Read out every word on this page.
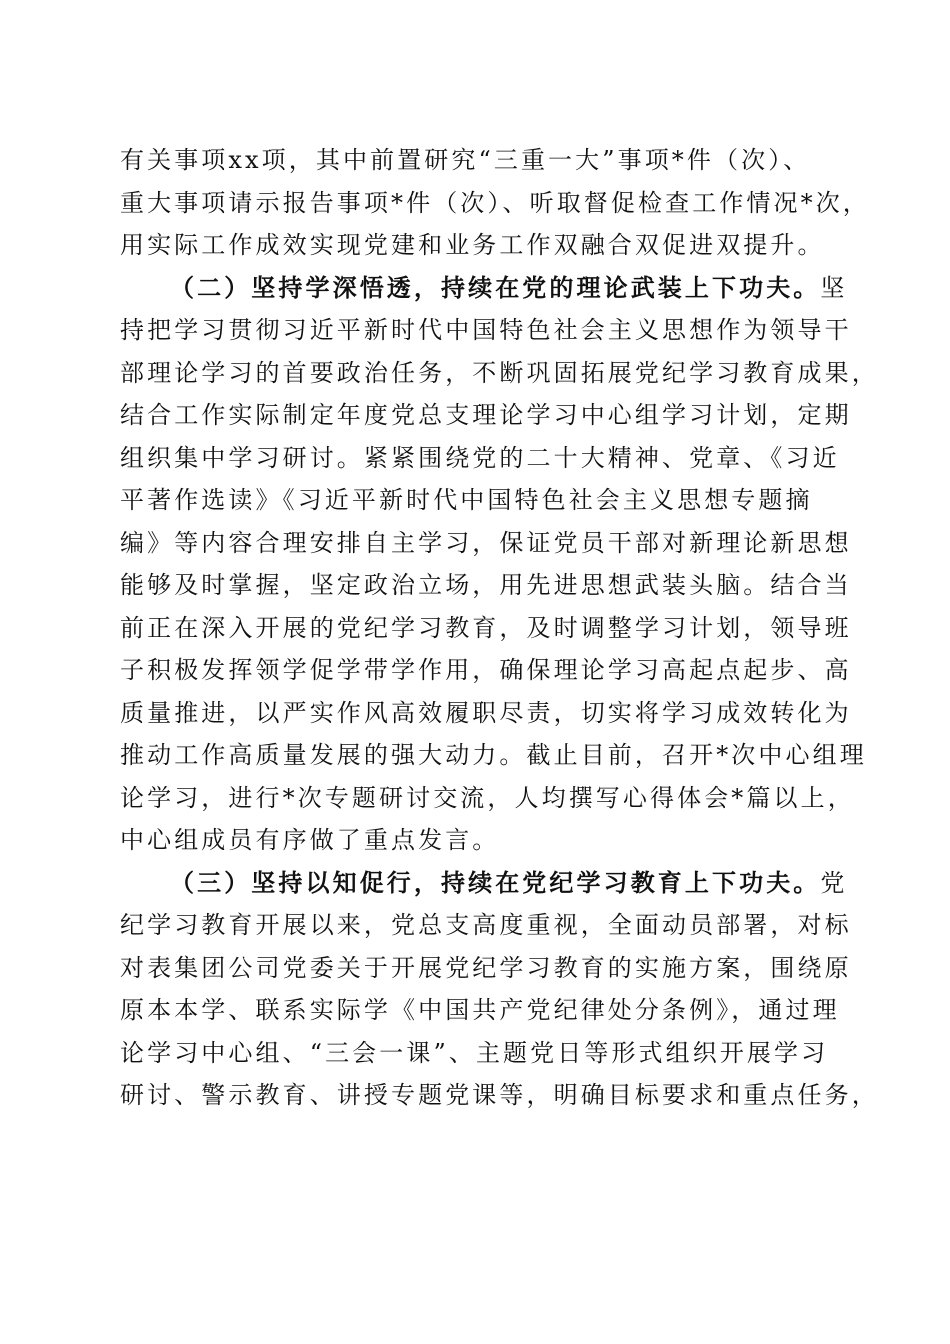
有关事项xx项，其中前置研究“三重一大”事项*件（次）、
重大事项请示报告事项*件（次）、听取督促检查工作情况*次，
用实际工作成效实现党建和业务工作双融合双促进双提升。
（二）坚持学深悟透，持续在党的理论武装上下功夫。坚
持把学习贯彻习近平新时代中国特色社会主义思想作为领导干
部理论学习的首要政治任务，不断巩固拓展党纪学习教育成果，
结合工作实际制定年度党总支理论学习中心组学习计划，定期
组织集中学习研讨。紧紧围绕党的二十大精神、党章、《习近
平著作选读》《习近平新时代中国特色社会主义思想专题摘
编》等内容合理安排自主学习，保证党员干部对新理论新思想
能够及时掌握，坚定政治立场，用先进思想武装头脑。结合当
前正在深入开展的党纪学习教育，及时调整学习计划，领导班
子积极发挥领学促学带学作用，确保理论学习高起点起步、高
质量推进，以严实作风高效履职尽责，切实将学习成效转化为
推动工作高质量发展的强大动力。截止目前，召开*次中心组理
论学习，进行*次专题研讨交流，人均撰写心得体会*篇以上，
中心组成员有序做了重点发言。
（三）坚持以知促行，持续在党纪学习教育上下功夫。党
纪学习教育开展以来，党总支高度重视，全面动员部署，对标
对表集团公司党委关于开展党纪学习教育的实施方案，围绕原
原本本学、联系实际学《中国共产党纪律处分条例》，通过理
论学习中心组、“三会一课”、主题党日等形式组织开展学习
研讨、警示教育、讲授专题党课等，明确目标要求和重点任务，
